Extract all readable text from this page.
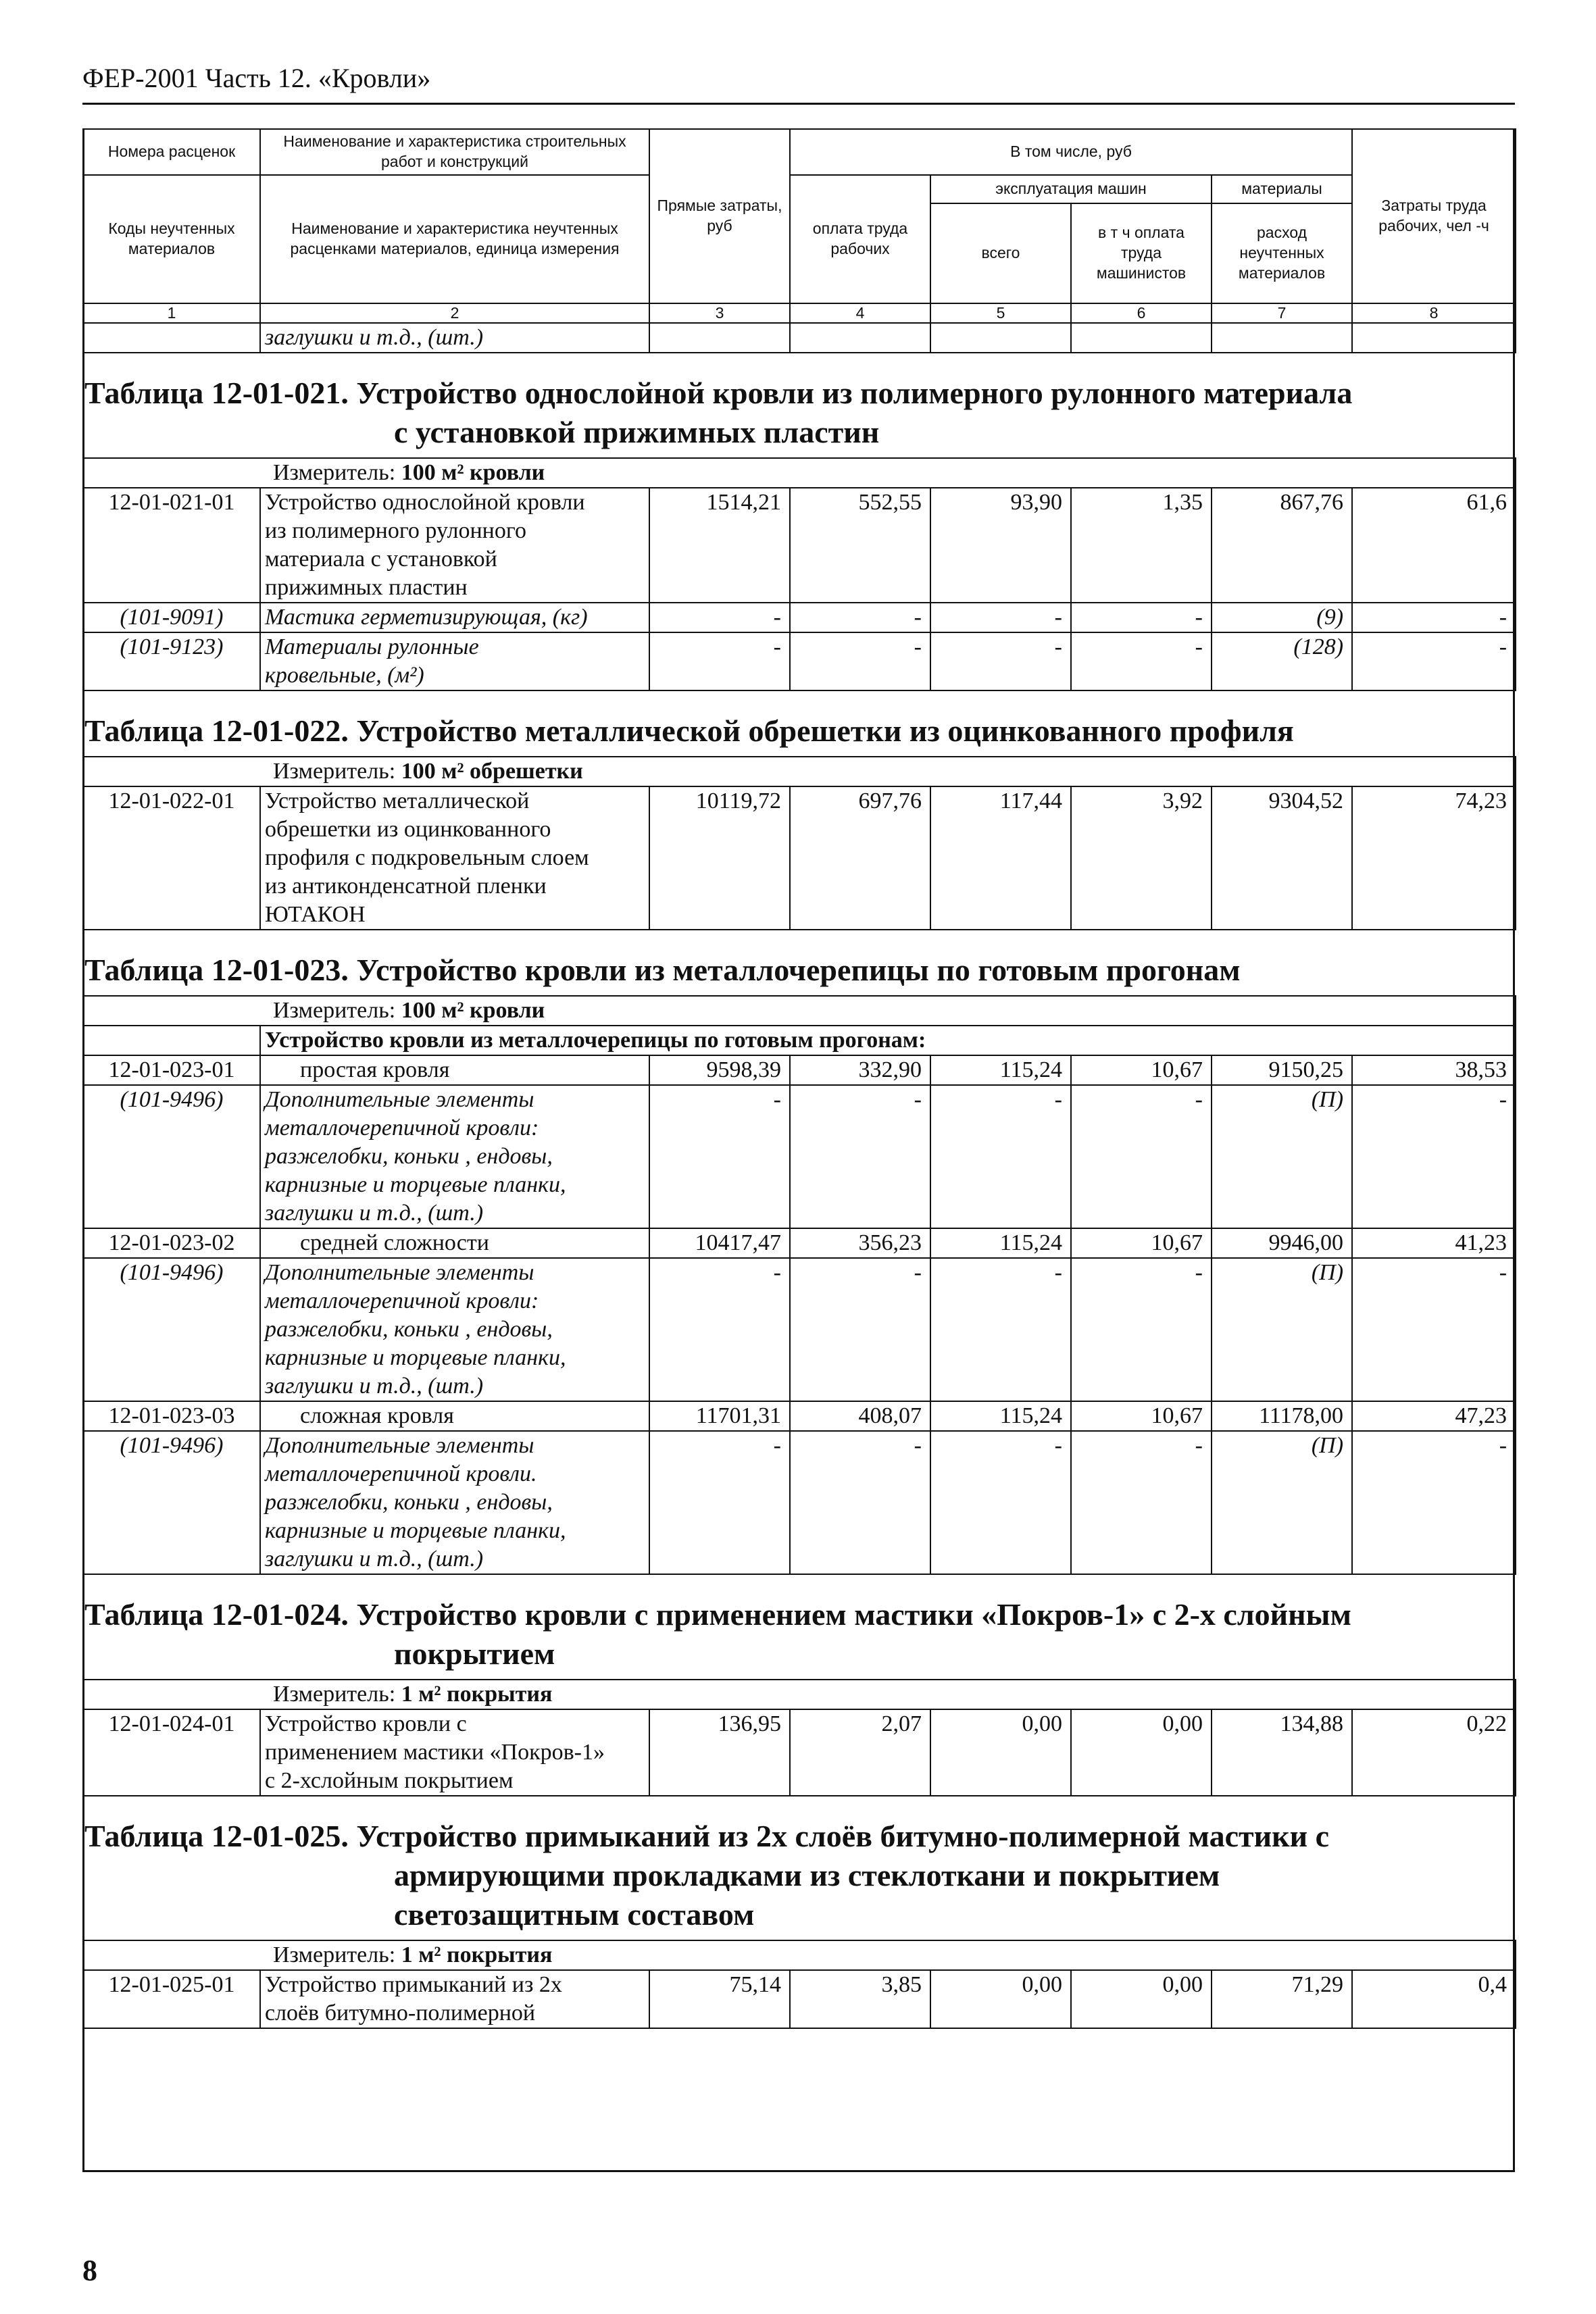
ФЕР-2001 Часть 12. «Кровли»
Номера расценок	Наименование и характеристика строительных работ и конструкций	Прямые затраты, руб	В том числе, руб				Затраты труда рабочих, чел -ч
Коды неучтенных материалов	Наименование и характеристика неучтенных расценками материалов, единица измерения		оплата труда рабочих	эксплуатация машин		материалы	
				всего	в т ч оплата труда машинистов	расход неучтенных материалов	
1	2	3	4	5	6	7	8
	заглушки и т.д., (шт.)						

Таблица 12-01-021. Устройство однослойной кровли из полимерного рулонного материала
с установкой прижимных пластин							

Измеритель: 100 м² кровли							

12-01-021-01	Устройство однослойной кровли
из полимерного рулонного
материала с установкой
прижимных пластин	1514,21	552,55	93,90	1,35	867,76	61,6
(101-9091)	Мастика герметизирующая, (кг)	-	-	-	-	(9)	-
(101-9123)	Материалы рулонные
кровельные, (м²)	-	-	-	-	(128)	-

Таблица 12-01-022. Устройство металлической обрешетки из оцинкованного профиля							

Измеритель: 100 м² обрешетки							

12-01-022-01	Устройство металлической
обрешетки из оцинкованного
профиля с подкровельным слоем
из антиконденсатной пленки
ЮТАКОН	10119,72	697,76	117,44	3,92	9304,52	74,23

Таблица 12-01-023. Устройство кровли из металлочерепицы по готовым прогонам							

Измеритель: 100 м² кровли							

	Устройство кровли из металлочерепицы по готовым прогонам:						
12-01-023-01	простая кровля	9598,39	332,90	115,24	10,67	9150,25	38,53
(101-9496)	Дополнительные элементы
металлочерепичной кровли:
разжелобки, коньки , ендовы,
карнизные и торцевые планки,
заглушки и т.д., (шт.)	-	-	-	-	(П)	-
12-01-023-02	средней сложности	10417,47	356,23	115,24	10,67	9946,00	41,23
(101-9496)	Дополнительные элементы
металлочерепичной кровли:
разжелобки, коньки , ендовы,
карнизные и торцевые планки,
заглушки и т.д., (шт.)	-	-	-	-	(П)	-
12-01-023-03	сложная кровля	11701,31	408,07	115,24	10,67	11178,00	47,23
(101-9496)	Дополнительные элементы
металлочерепичной кровли.
разжелобки, коньки , ендовы,
карнизные и торцевые планки,
заглушки и т.д., (шт.)	-	-	-	-	(П)	-

Таблица 12-01-024. Устройство кровли с применением мастики «Покров-1» с 2-х слойным
покрытием							

Измеритель: 1 м² покрытия							

12-01-024-01	Устройство кровли с
применением мастики «Покров-1»
с 2-хслойным покрытием	136,95	2,07	0,00	0,00	134,88	0,22

Таблица 12-01-025. Устройство примыканий из 2х слоёв битумно-полимерной мастики с
армирующими прокладками из стеклоткани и покрытием
светозащитным составом							

Измеритель: 1 м² покрытия							

12-01-025-01	Устройство примыканий из 2х
слоёв битумно-полимерной	75,14	3,85	0,00	0,00	71,29	0,4
8
